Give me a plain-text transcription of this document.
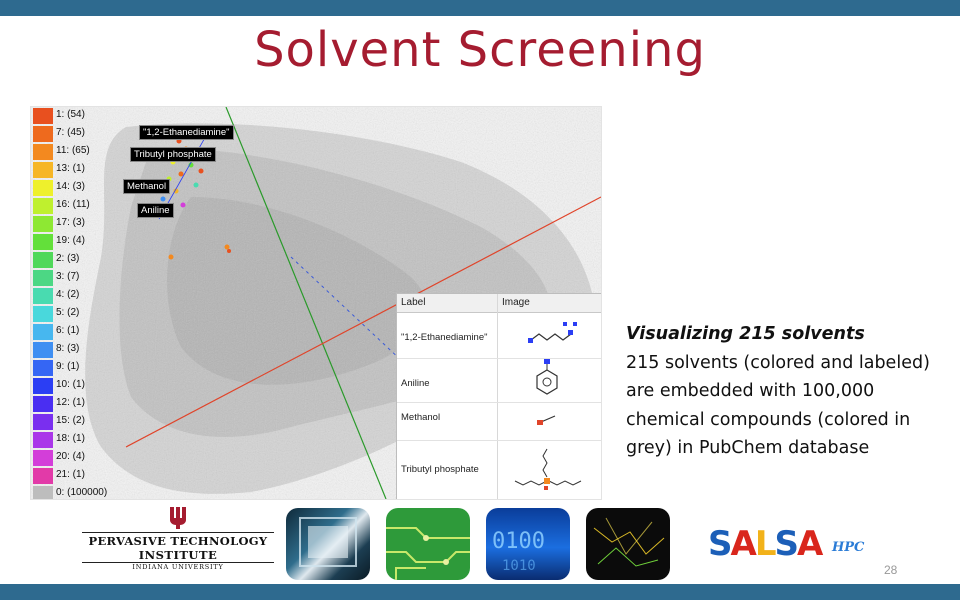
Solvent Screening
1: (54)
7: (45)
11: (65)
13: (1)
14: (3)
16: (11)
17: (3)
19: (4)
2: (3)
3: (7)
4: (2)
5: (2)
6: (1)
8: (3)
9: (1)
10: (1)
12: (1)
15: (2)
18: (1)
20: (4)
21: (1)
0: (100000)
"1,2-Ethanediamine"
Tributyl phosphate
Methanol
Aniline
Label	Image
"1,2-Ethanediamine"
Aniline
Methanol
Tributyl phosphate
Visualizing 215 solvents
215 solvents (colored and labeled) are embedded with 100,000 chemical compounds (colored in grey) in PubChem database
PERVASIVE TECHNOLOGY
INSTITUTE
INDIANA UNIVERSITY
0100
1010
SALSA HPC
28
